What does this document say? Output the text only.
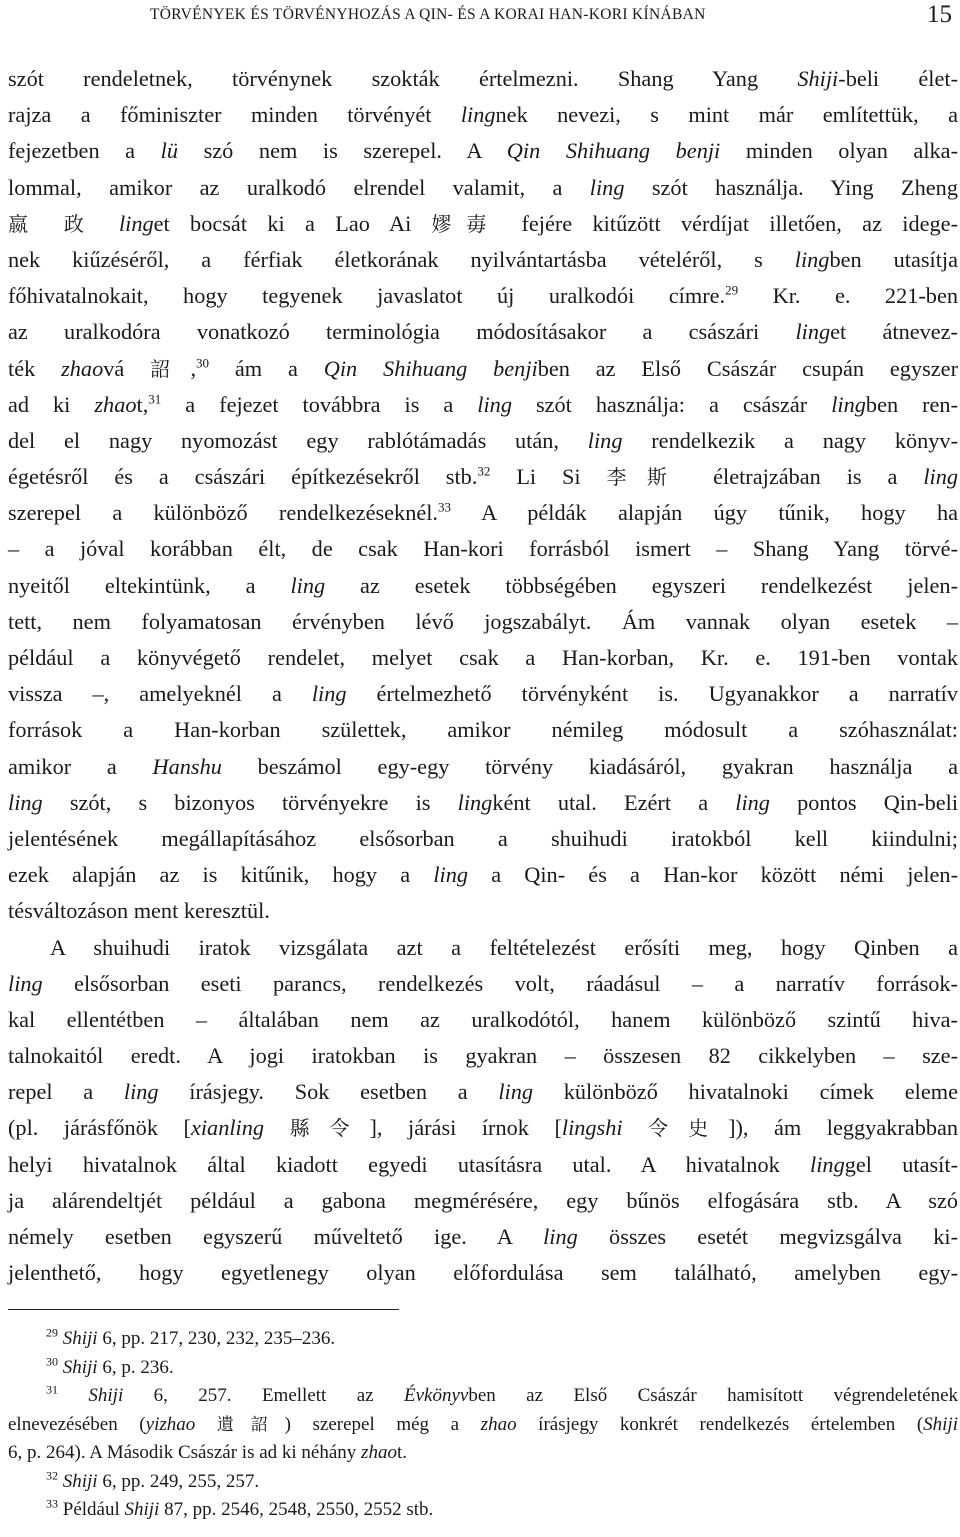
TÖRVÉNYEK ÉS TÖRVÉNYHOZÁS A QIN- ÉS A KORAI HAN-KORI KÍNÁBAN	15
szót rendeletnek, törvénynek szokták értelmezni. Shang Yang Shiji-beli élet-
rajza a főminiszter minden törvényét lingnek nevezi, s mint már említettük, a
fejezetben a lü szó nem is szerepel. A Qin Shihuang benji minden olyan alka-
lommal, amikor az uralkodó elrendel valamit, a ling szót használja. Ying Zheng
嬴 政 linget bocsát ki a Lao Ai 嫪毐 fejére kitűzött vérdíjat illetően, az idege-
nek kiűzéséről, a férfiak életkorának nyilvántartásba vételéről, s lingben utasítja
főhivatalnokait, hogy tegyenek javaslatot új uralkodói címre.$^{29}$ Kr. e. 221-ben
az uralkodóra vonatkozó terminológia módosításakor a császári linget átnevez-
ték zhaová 詔,$^{30}$ ám a Qin Shihuang benjiben az Első Császár csupán egyszer
ad ki zhaot,$^{31}$ a fejezet továbbra is a ling szót használja: a császár lingben ren-
del el nagy nyomozást egy rablótámadás után, ling rendelkezik a nagy könyv-
égetésről és a császári építkezésekről stb.$^{32}$ Li Si 李斯 életrajzában is a ling
szerepel a különböző rendelkezéseknél.$^{33}$ A példák alapján úgy tűnik, hogy ha
– a jóval korábban élt, de csak Han-kori forrásból ismert – Shang Yang törvé-
nyeitől eltekintünk, a ling az esetek többségében egyszeri rendelkezést jelen-
tett, nem folyamatosan érvényben lévő jogszabályt. Ám vannak olyan esetek –
például a könyvégető rendelet, melyet csak a Han-korban, Kr. e. 191-ben vontak
vissza –, amelyeknél a ling értelmezhető törvényként is. Ugyanakkor a narratív
források a Han-korban születtek, amikor némileg módosult a szóhasználat:
amikor a Hanshu beszámol egy-egy törvény kiadásáról, gyakran használja a
ling szót, s bizonyos törvényekre is lingként utal. Ezért a ling pontos Qin-beli
jelentésének megállapításához elsősorban a shuihudi iratokból kell kiindulni;
ezek alapján az is kitűnik, hogy a ling a Qin- és a Han-kor között némi jelen-
tésváltozáson ment keresztül.
A shuihudi iratok vizsgálata azt a feltételezést erősíti meg, hogy Qinben a
ling elsősorban eseti parancs, rendelkezés volt, ráadásul – a narratív források-
kal ellentétben – általában nem az uralkodótól, hanem különböző szintű hiva-
talnokaitól eredt. A jogi iratokban is gyakran – összesen 82 cikkelyben – sze-
repel a ling írásjegy. Sok esetben a ling különböző hivatalnoki címek eleme
(pl. járásfőnök [xianling 縣令], járási írnok [lingshi 令史]), ám leggyakrabban
helyi hivatalnok által kiadott egyedi utasításra utal. A hivatalnok linggel utasít-
ja alárendeltjét például a gabona megmérésére, egy bűnös elfogására stb. A szó
némely esetben egyszerű műveltető ige. A ling összes esetét megvizsgálva ki-
jelenthető, hogy egyetlenegy olyan előfordulása sem található, amelyben egy-
$^{29}$ Shiji 6, pp. 217, 230, 232, 235–236.
$^{30}$ Shiji 6, p. 236.
$^{31}$ Shiji 6, 257. Emellett az Évkönyvben az Első Császár hamisított végrendeletének
elnevezésében (yizhao 遺詔) szerepel még a zhao írásjegy konkrét rendelkezés értelemben (Shiji
6, p. 264). A Második Császár is ad ki néhány zhaot.
$^{32}$ Shiji 6, pp. 249, 255, 257.
$^{33}$ Például Shiji 87, pp. 2546, 2548, 2550, 2552 stb.
